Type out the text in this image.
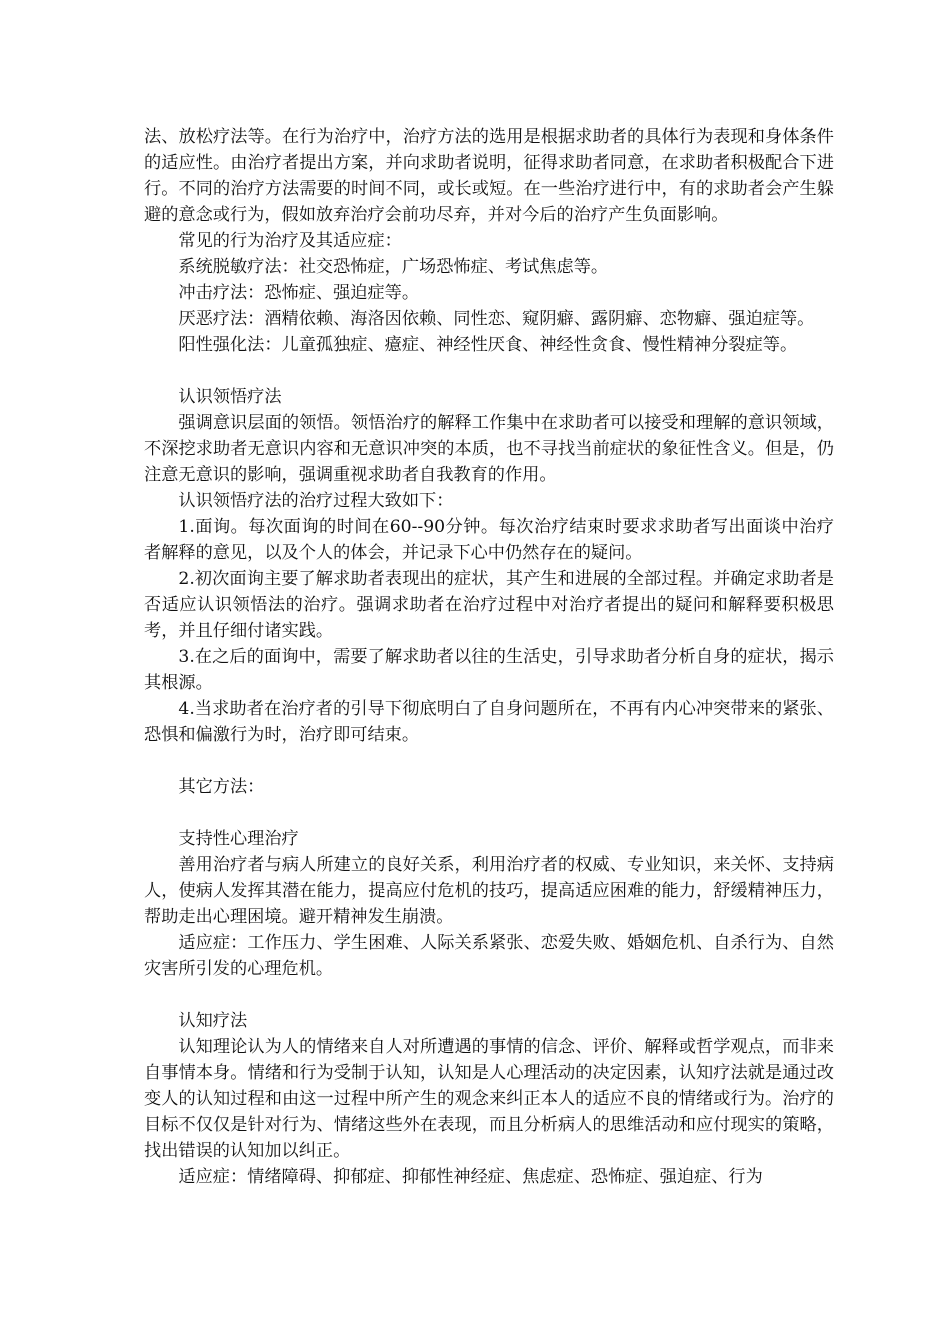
法、放松疗法等。在行为治疗中，治疗方法的选用是根据求助者的具体行为表现和身体条件的适应性。由治疗者提出方案，并向求助者说明，征得求助者同意，在求助者积极配合下进行。不同的治疗方法需要的时间不同，或长或短。在一些治疗进行中，有的求助者会产生躲避的意念或行为，假如放弃治疗会前功尽弃，并对今后的治疗产生负面影响。

常见的行为治疗及其适应症：

系统脱敏疗法：社交恐怖症，广场恐怖症、考试焦虑等。

冲击疗法：恐怖症、强迫症等。

厌恶疗法：酒精依赖、海洛因依赖、同性恋、窥阴癖、露阴癖、恋物癖、强迫症等。

阳性强化法：儿童孤独症、癔症、神经性厌食、神经性贪食、慢性精神分裂症等。

认识领悟疗法

强调意识层面的领悟。领悟治疗的解释工作集中在求助者可以接受和理解的意识领域，不深挖求助者无意识内容和无意识冲突的本质，也不寻找当前症状的象征性含义。但是，仍注意无意识的影响，强调重视求助者自我教育的作用。

认识领悟疗法的治疗过程大致如下：

1.面询。每次面询的时间在60--90分钟。每次治疗结束时要求求助者写出面谈中治疗者解释的意见，以及个人的体会，并记录下心中仍然存在的疑问。

2.初次面询主要了解求助者表现出的症状，其产生和进展的全部过程。并确定求助者是否适应认识领悟法的治疗。强调求助者在治疗过程中对治疗者提出的疑问和解释要积极思考，并且仔细付诸实践。

3.在之后的面询中，需要了解求助者以往的生活史，引导求助者分析自身的症状，揭示其根源。

4.当求助者在治疗者的引导下彻底明白了自身问题所在，不再有内心冲突带来的紧张、恐惧和偏激行为时，治疗即可结束。

其它方法：

支持性心理治疗

善用治疗者与病人所建立的良好关系，利用治疗者的权威、专业知识，来关怀、支持病人，使病人发挥其潜在能力，提高应付危机的技巧，提高适应困难的能力，舒缓精神压力，帮助走出心理困境。避开精神发生崩溃。

适应症：工作压力、学生困难、人际关系紧张、恋爱失败、婚姻危机、自杀行为、自然灾害所引发的心理危机。

认知疗法

认知理论认为人的情绪来自人对所遭遇的事情的信念、评价、解释或哲学观点，而非来自事情本身。情绪和行为受制于认知，认知是人心理活动的决定因素，认知疗法就是通过改变人的认知过程和由这一过程中所产生的观念来纠正本人的适应不良的情绪或行为。治疗的目标不仅仅是针对行为、情绪这些外在表现，而且分析病人的思维活动和应付现实的策略，找出错误的认知加以纠正。

适应症：情绪障碍、抑郁症、抑郁性神经症、焦虑症、恐怖症、强迫症、行为
